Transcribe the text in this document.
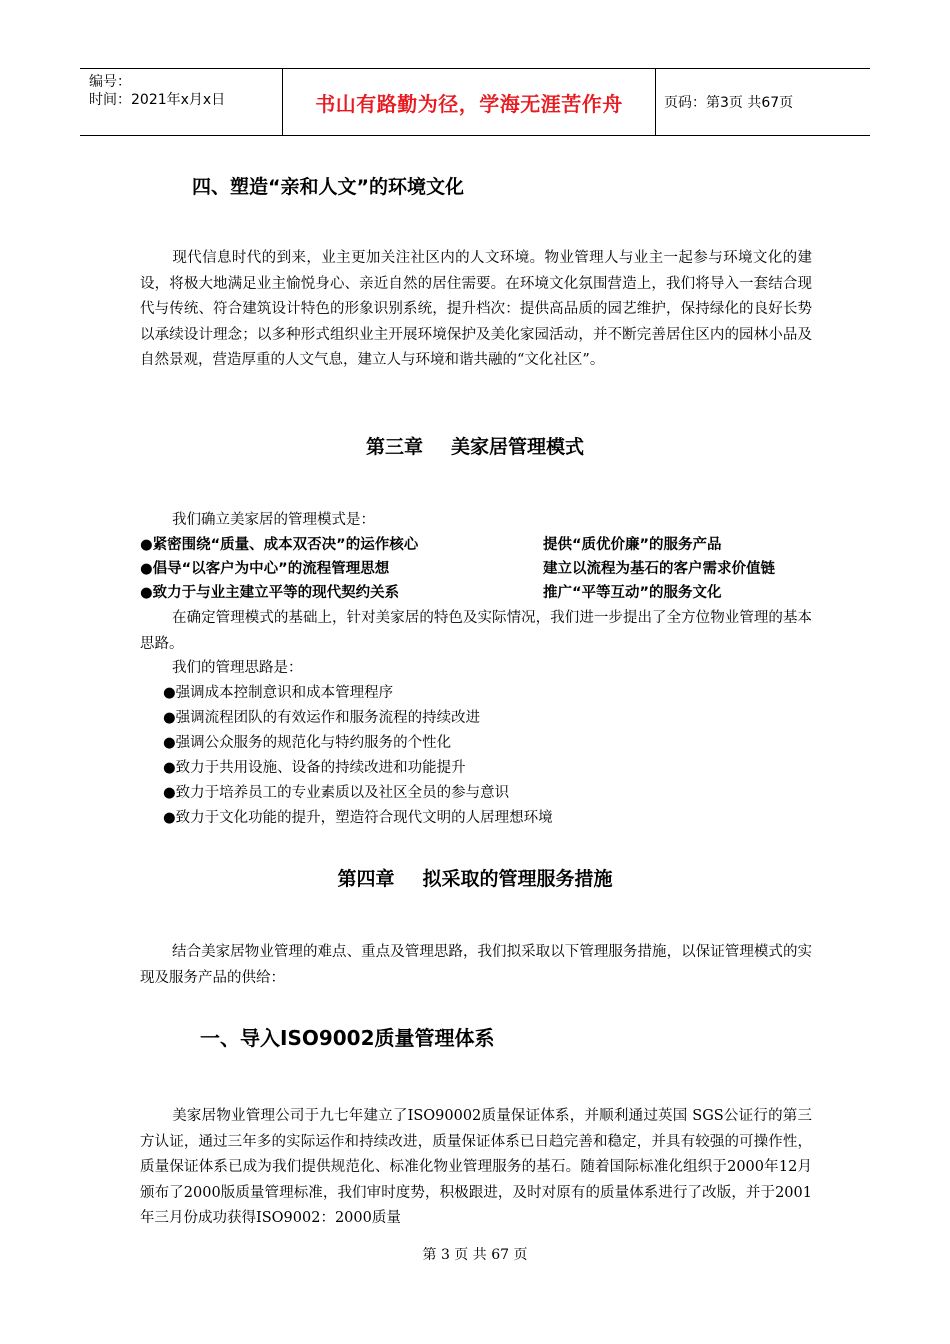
编号：
时间：2021年x月x日	书山有路勤为径，学海无涯苦作舟	页码：第3页 共67页
四、塑造“亲和人文”的环境文化
现代信息时代的到来，业主更加关注社区内的人文环境。物业管理人与业主一起参与环境文化的建设，将极大地满足业主愉悦身心、亲近自然的居住需要。在环境文化氛围营造上，我们将导入一套结合现代与传统、符合建筑设计特色的形象识别系统，提升档次：提供高品质的园艺维护，保持绿化的良好长势以承续设计理念；以多种形式组织业主开展环境保护及美化家园活动，并不断完善居住区内的园林小品及自然景观，营造厚重的人文气息，建立人与环境和谐共融的“文化社区”。
第三章 美家居管理模式
我们确立美家居的管理模式是：
●紧密围绕“质量、成本双否决”的运作核心	提供“质优价廉”的服务产品
●倡导“以客户为中心”的流程管理思想	建立以流程为基石的客户需求价值链
●致力于与业主建立平等的现代契约关系	推广“平等互动”的服务文化
在确定管理模式的基础上，针对美家居的特色及实际情况，我们进一步提出了全方位物业管理的基本思路。
我们的管理思路是：
●强调成本控制意识和成本管理程序
●强调流程团队的有效运作和服务流程的持续改进
●强调公众服务的规范化与特约服务的个性化
●致力于共用设施、设备的持续改进和功能提升
●致力于培养员工的专业素质以及社区全员的参与意识
●致力于文化功能的提升，塑造符合现代文明的人居理想环境
第四章 拟采取的管理服务措施
结合美家居物业管理的难点、重点及管理思路，我们拟采取以下管理服务措施，以保证管理模式的实现及服务产品的供给：
一、导入ISO9002质量管理体系
美家居物业管理公司于九七年建立了ISO90002质量保证体系，并顺利通过英国 SGS公证行的第三方认证，通过三年多的实际运作和持续改进，质量保证体系已日趋完善和稳定，并具有较强的可操作性，质量保证体系已成为我们提供规范化、标准化物业管理服务的基石。随着国际标准化组织于2000年12月颁布了2000版质量管理标准，我们审时度势，积极跟进，及时对原有的质量体系进行了改版，并于2001年三月份成功获得ISO9002：2000质量
第 3 页 共 67 页
